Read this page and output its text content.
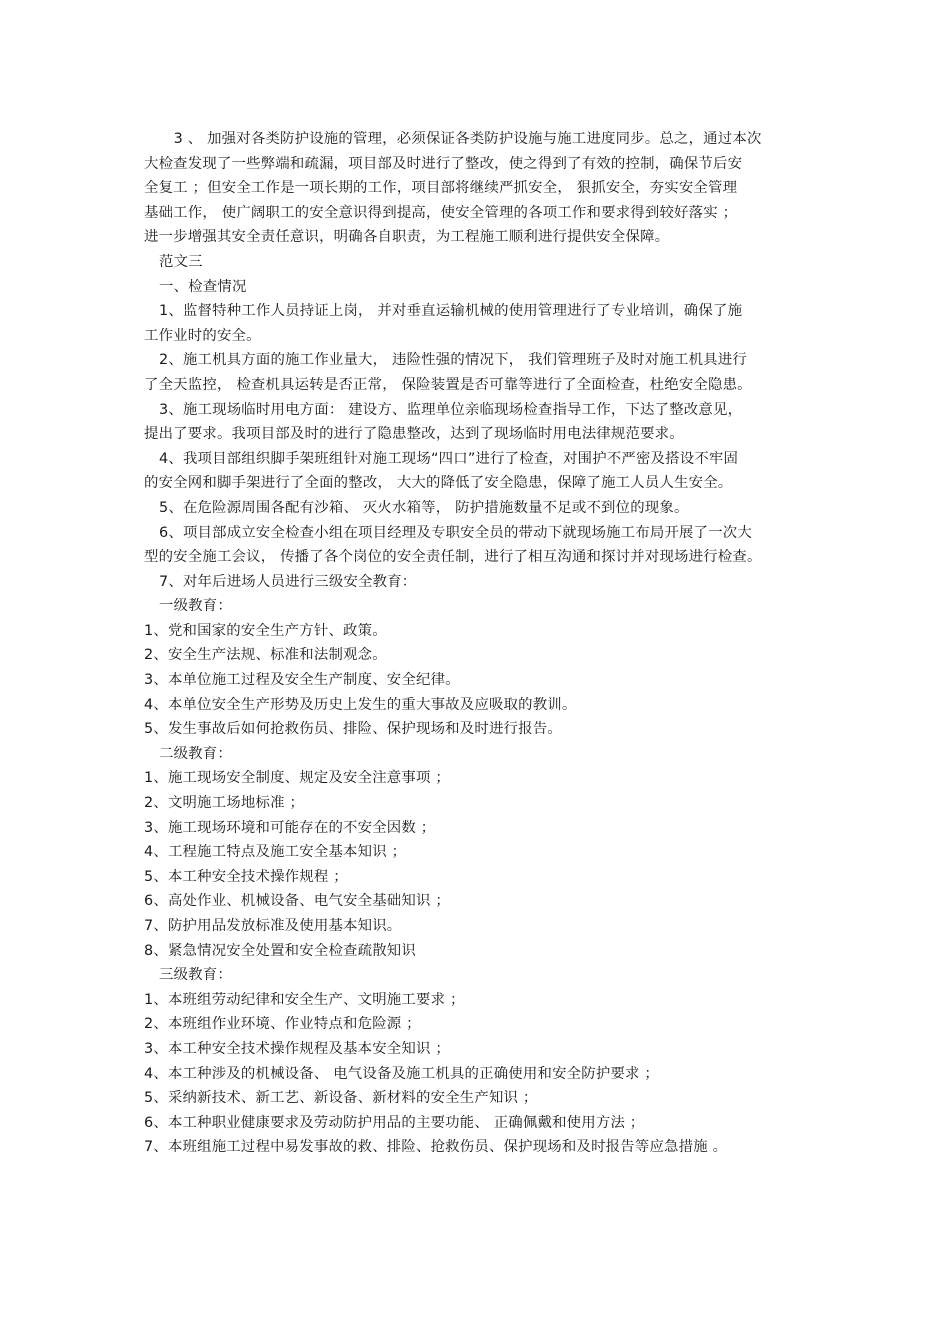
　3 、 加强对各类防护设施的管理，必须保证各类防护设施与施工进度同步。总之，通过本次
大检查发现了一些弊端和疏漏，项目部及时进行了整改，使之得到了有效的控制，确保节后安
全复工 ；但安全工作是一项长期的工作，项目部将继续严抓安全， 狠抓安全，夯实安全管理
基础工作， 使广阔职工的安全意识得到提高，使安全管理的各项工作和要求得到较好落实 ；
进一步增强其安全责任意识，明确各自职责，为工程施工顺利进行提供安全保障。
范文三
一、检查情况
1、监督特种工作人员持证上岗， 并对垂直运输机械的使用管理进行了专业培训，确保了施
工作业时的安全。
2、施工机具方面的施工作业量大， 违险性强的情况下， 我们管理班子及时对施工机具进行
了全天监控， 检查机具运转是否正常， 保险装置是否可靠等进行了全面检查，杜绝安全隐患。
3、施工现场临时用电方面： 建设方、监理单位亲临现场检查指导工作，下达了整改意见，
提出了要求。我项目部及时的进行了隐患整改，达到了现场临时用电法律规范要求。
4、我项目部组织脚手架班组针对施工现场“四口”进行了检查，对围护不严密及搭设不牢固
的安全网和脚手架进行了全面的整改， 大大的降低了安全隐患，保障了施工人员人生安全。
5、在危险源周围各配有沙箱、 灭火水箱等， 防护措施数量不足或不到位的现象。
6、项目部成立安全检查小组在项目经理及专职安全员的带动下就现场施工布局开展了一次大
型的安全施工会议， 传播了各个岗位的安全责任制，进行了相互沟通和探讨并对现场进行检查。
7、对年后进场人员进行三级安全教育：
一级教育：
1、党和国家的安全生产方针、政策。
2、安全生产法规、标准和法制观念。
3、本单位施工过程及安全生产制度、安全纪律。
4、本单位安全生产形势及历史上发生的重大事故及应吸取的教训。
5、发生事故后如何抢救伤员、排险、保护现场和及时进行报告。
二级教育：
1、施工现场安全制度、规定及安全注意事项 ；
2、文明施工场地标准 ；
3、施工现场环境和可能存在的不安全因数 ；
4、工程施工特点及施工安全基本知识 ；
5、本工种安全技术操作规程 ；
6、高处作业、机械设备、电气安全基础知识 ；
7、防护用品发放标准及使用基本知识。
8、紧急情况安全处置和安全检查疏散知识
三级教育：
1、本班组劳动纪律和安全生产、文明施工要求 ；
2、本班组作业环境、作业特点和危险源 ；
3、本工种安全技术操作规程及基本安全知识 ；
4、本工种涉及的机械设备、 电气设备及施工机具的正确使用和安全防护要求 ；
5、采纳新技术、新工艺、新设备、新材料的安全生产知识 ；
6、本工种职业健康要求及劳动防护用品的主要功能、 正确佩戴和使用方法 ；
7、本班组施工过程中易发事故的救、排险、抢救伤员、保护现场和及时报告等应急措施 。
